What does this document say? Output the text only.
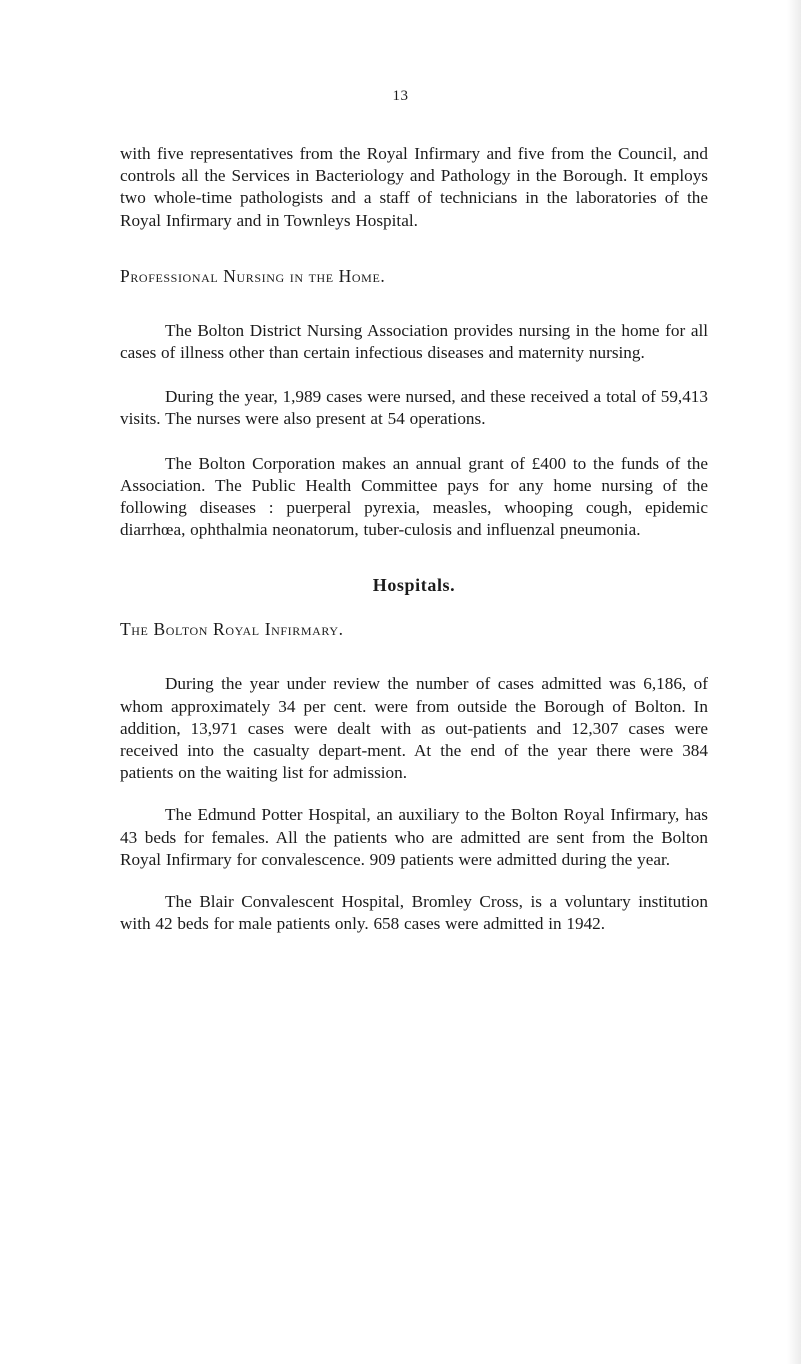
13

with five representatives from the Royal Infirmary and five from the Council, and controls all the Services in Bacteriology and Pathology in the Borough. It employs two whole-time pathologists and a staff of technicians in the laboratories of the Royal Infirmary and in Townleys Hospital.

Professional Nursing in the Home.

The Bolton District Nursing Association provides nursing in the home for all cases of illness other than certain infectious diseases and maternity nursing.

During the year, 1,989 cases were nursed, and these received a total of 59,413 visits. The nurses were also present at 54 operations.

The Bolton Corporation makes an annual grant of £400 to the funds of the Association. The Public Health Committee pays for any home nursing of the following diseases : puerperal pyrexia, measles, whooping cough, epidemic diarrhœa, ophthalmia neonatorum, tuber-culosis and influenzal pneumonia.

Hospitals.
The Bolton Royal Infirmary.

During the year under review the number of cases admitted was 6,186, of whom approximately 34 per cent. were from outside the Borough of Bolton. In addition, 13,971 cases were dealt with as out-patients and 12,307 cases were received into the casualty depart-ment. At the end of the year there were 384 patients on the waiting list for admission.

The Edmund Potter Hospital, an auxiliary to the Bolton Royal Infirmary, has 43 beds for females. All the patients who are admitted are sent from the Bolton Royal Infirmary for convalescence. 909 patients were admitted during the year.

The Blair Convalescent Hospital, Bromley Cross, is a voluntary institution with 42 beds for male patients only. 658 cases were admitted in 1942.
